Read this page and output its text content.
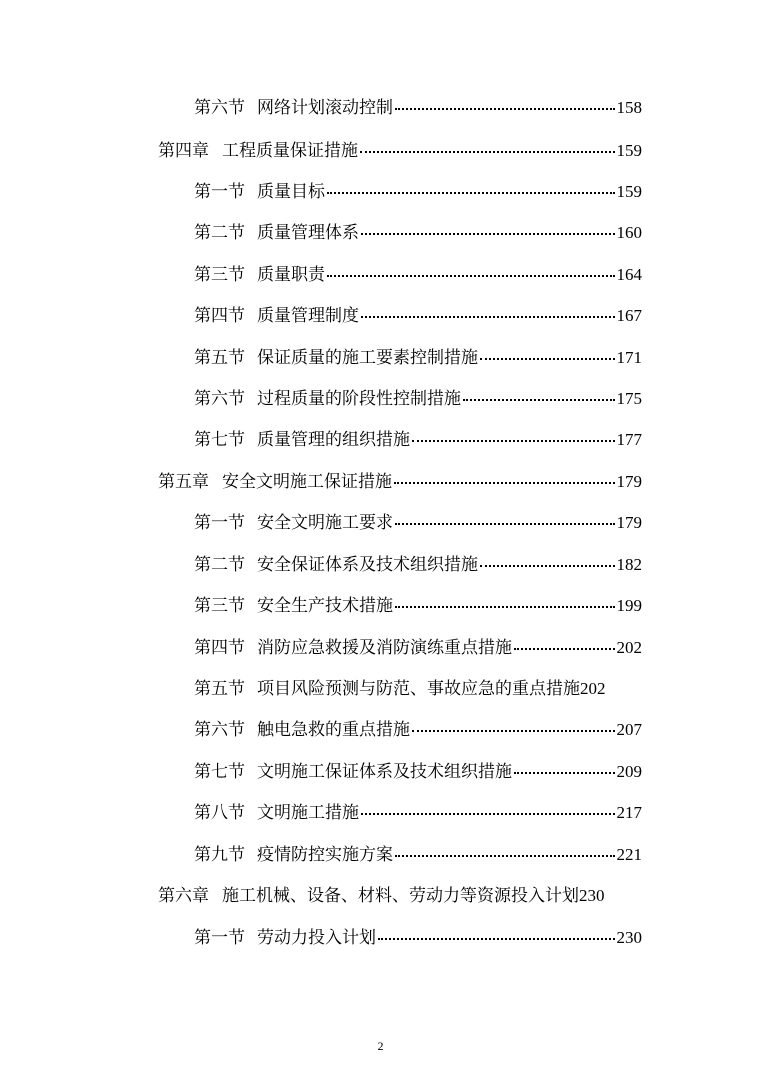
第六节 网络计划滚动控制	158
第四章 工程质量保证措施	159
第一节 质量目标	159
第二节 质量管理体系	160
第三节 质量职责	164
第四节 质量管理制度	167
第五节 保证质量的施工要素控制措施	171
第六节 过程质量的阶段性控制措施	175
第七节 质量管理的组织措施	177
第五章 安全文明施工保证措施	179
第一节 安全文明施工要求	179
第二节 安全保证体系及技术组织措施	182
第三节 安全生产技术措施	199
第四节 消防应急救援及消防演练重点措施	202
第五节 项目风险预测与防范、事故应急的重点措施 202
第六节 触电急救的重点措施	207
第七节 文明施工保证体系及技术组织措施	209
第八节 文明施工措施	217
第九节 疫情防控实施方案	221
第六章 施工机械、设备、材料、劳动力等资源投入计划 230
第一节 劳动力投入计划	230
2
